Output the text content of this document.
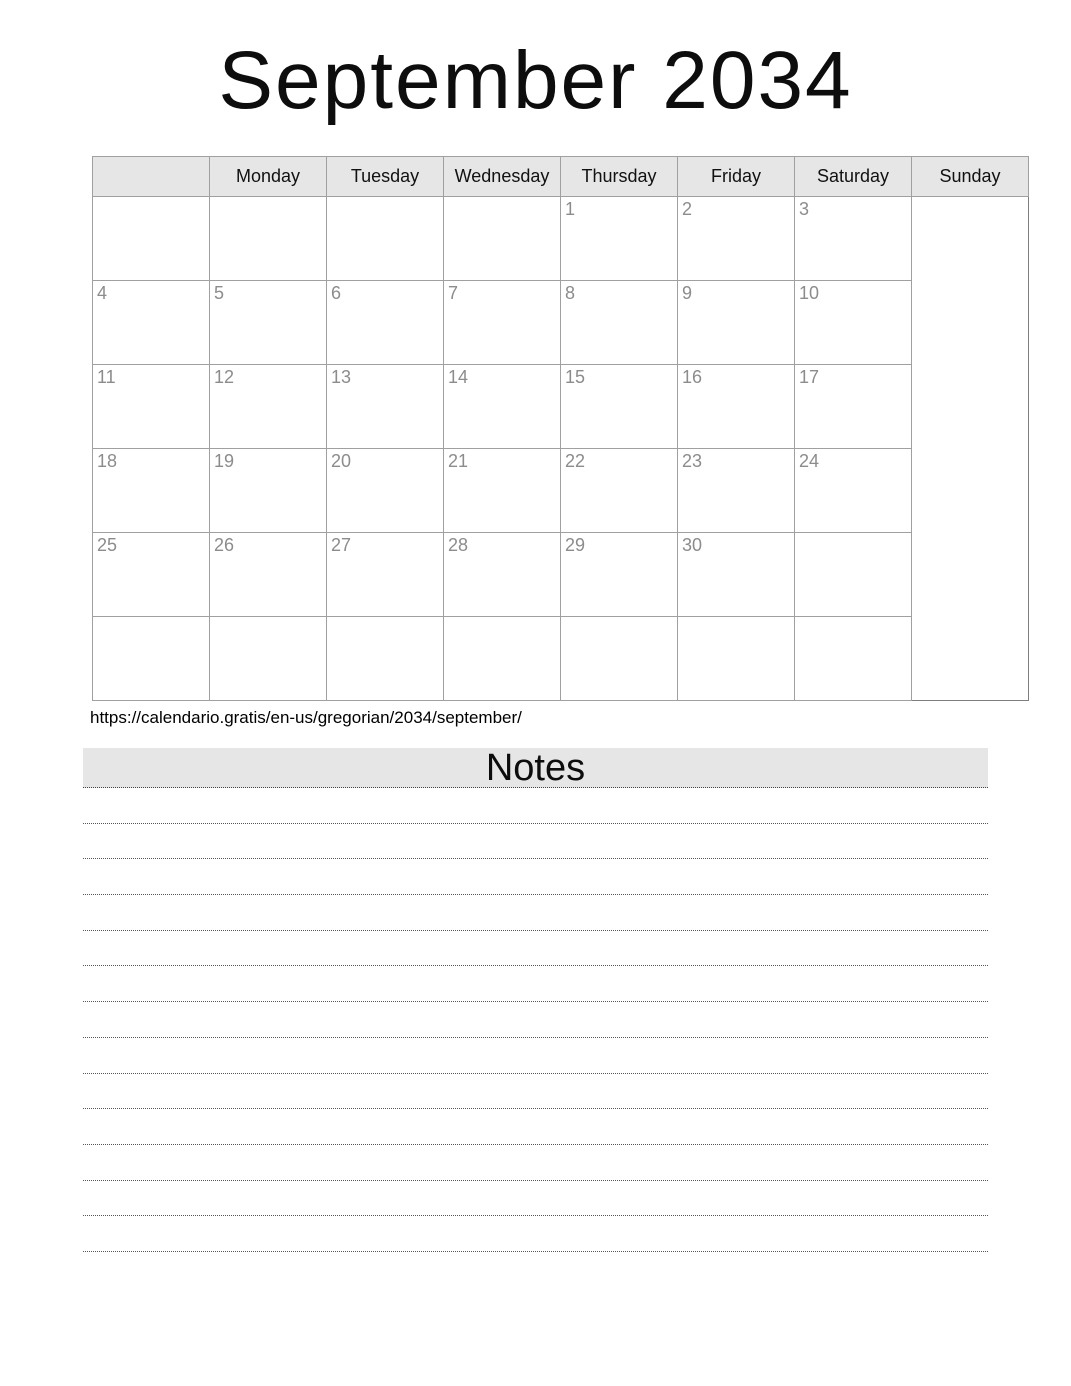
September 2034
	Monday	Tuesday	Wednesday	Thursday	Friday	Saturday	Sunday
				1	2	3	
4	5	6	7	8	9	10	
11	12	13	14	15	16	17	
18	19	20	21	22	23	24	
25	26	27	28	29	30		

https://calendario.gratis/en-us/gregorian/2034/september/
Notes
